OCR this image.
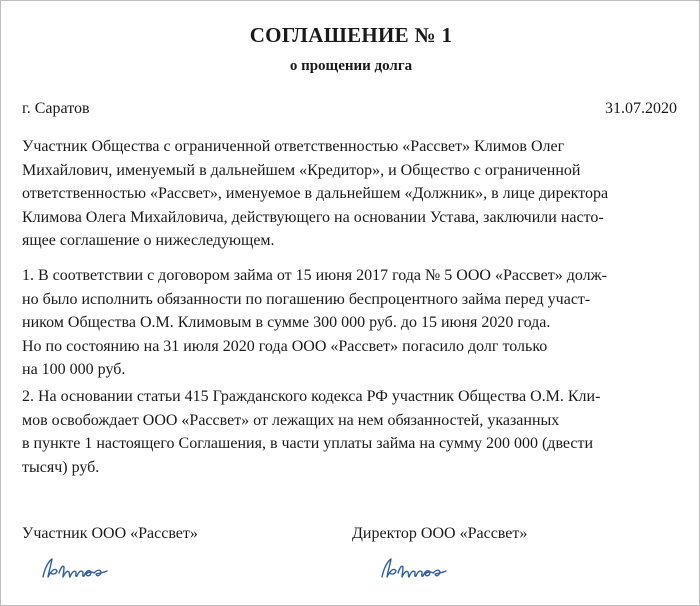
СОГЛАШЕНИЕ № 1
о прощении долга
г. Саратов	31.07.2020
Участник Общества с ограниченной ответственностью «Рассвет» Климов Олег
Михайлович, именуемый в дальнейшем «Кредитор», и Общество с ограниченной
ответственностью «Рассвет», именуемое в дальнейшем «Должник», в лице директора
Климова Олега Михайловича, действующего на основании Устава, заключили насто-
ящее соглашение о нижеследующем.
1. В соответствии с договором займа от 15 июня 2017 года № 5 ООО «Рассвет» долж-
но было исполнить обязанности по погашению беспроцентного займа перед участ-
ником Общества О.М. Климовым в сумме 300 000 руб. до 15 июня 2020 года.
Но по состоянию на 31 июля 2020 года ООО «Рассвет» погасило долг только
на 100 000 руб.
2. На основании статьи 415 Гражданского кодекса РФ участник Общества О.М. Кли-
мов освобождает ООО «Рассвет» от лежащих на нем обязанностей, указанных
в пункте 1 настоящего Соглашения, в части уплаты займа на сумму 200 000 (двести
тысяч) руб.
Участник ООО «Рассвет»	Директор ООО «Рассвет»
